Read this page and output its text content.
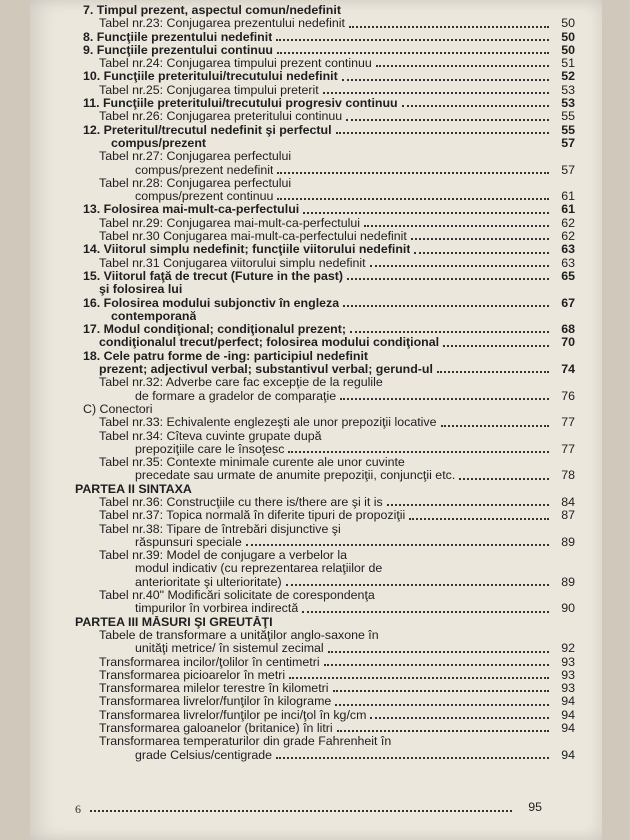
7. Timpul prezent, aspectul comun/nedefinit
Tabel nr.23: Conjugarea prezentului nedefinit	50
8. Funcţiile prezentului nedefinit	50
9. Funcţiile prezentului continuu	50
Tabel nr.24: Conjugarea timpului prezent continuu	51
10. Funcţiile preteritului/trecutului nedefinit	52
Tabel nr.25: Conjugarea timpului preterit	53
11. Funcţiile preteritului/trecutului progresiv continuu	53
Tabel nr.26: Conjugarea preteritului continuu	55
12. Preteritul/trecutul nedefinit şi perfectul	55
compus/prezent	57
Tabel nr.27: Conjugarea perfectului
compus/prezent nedefinit	57
Tabel nr.28: Conjugarea perfectului
compus/prezent continuu	61
13. Folosirea mai-mult-ca-perfectului	61
Tabel nr.29: Conjugarea mai-mult-ca-perfectului	62
Tabel nr.30 Conjugarea mai-mult-ca-perfectului nedefinit	62
14. Viitorul simplu nedefinit; funcţiile viitorului nedefinit	63
Tabel nr.31 Conjugarea viitorului simplu nedefinit	63
15. Viitorul faţă de trecut (Future in the past)	65
şi folosirea lui
16. Folosirea modului subjonctiv în engleza	67
contemporană
17. Modul condiţional; condiţionalul prezent;	68
condiţionalul trecut/perfect; folosirea modului condiţional	70
18. Cele patru forme de -ing: participiul nedefinit
prezent; adjectivul verbal; substantivul verbal; gerund-ul	74
Tabel nr.32: Adverbe care fac excepţie de la regulile
de formare a gradelor de comparaţie	76
C) Conectori
Tabel nr.33: Echivalente englezeşti ale unor prepoziţii locative	77
Tabel nr.34: Cîteva cuvinte grupate după
prepoziţiile care le însoţesc	77
Tabel nr.35: Contexte minimale curente ale unor cuvinte
precedate sau urmate de anumite prepoziţii, conjuncţii etc.	78
PARTEA II SINTAXA
Tabel nr.36: Construcţiile cu there is/there are şi it is	84
Tabel nr.37: Topica normală în diferite tipuri de propoziţii	87
Tabel nr.38: Tipare de întrebări disjunctive şi
răspunsuri speciale	89
Tabel nr.39: Model de conjugare a verbelor la
modul indicativ (cu reprezentarea relaţiilor de
anterioritate şi ulterioritate)	89
Tabel nr.40" Modificări solicitate de corespondenţa
timpurilor în vorbirea indirectă	90
PARTEA III MĂSURI ŞI GREUTĂŢI
Tabele de transformare a unităţilor anglo-saxone în
unităţi metrice/ în sistemul zecimal	92
Transformarea incilor/ţolilor în centimetri	93
Transformarea picioarelor în metri	93
Transformarea milelor terestre în kilometri	93
Transformarea livrelor/funţilor în kilograme	94
Transformarea livrelor/funţilor pe inci/ţol în kg/cm	94
Transformarea galoanelor (britanice) în litri	94
Transformarea temperaturilor din grade Fahrenheit în
grade Celsius/centigrade	94
6	95
